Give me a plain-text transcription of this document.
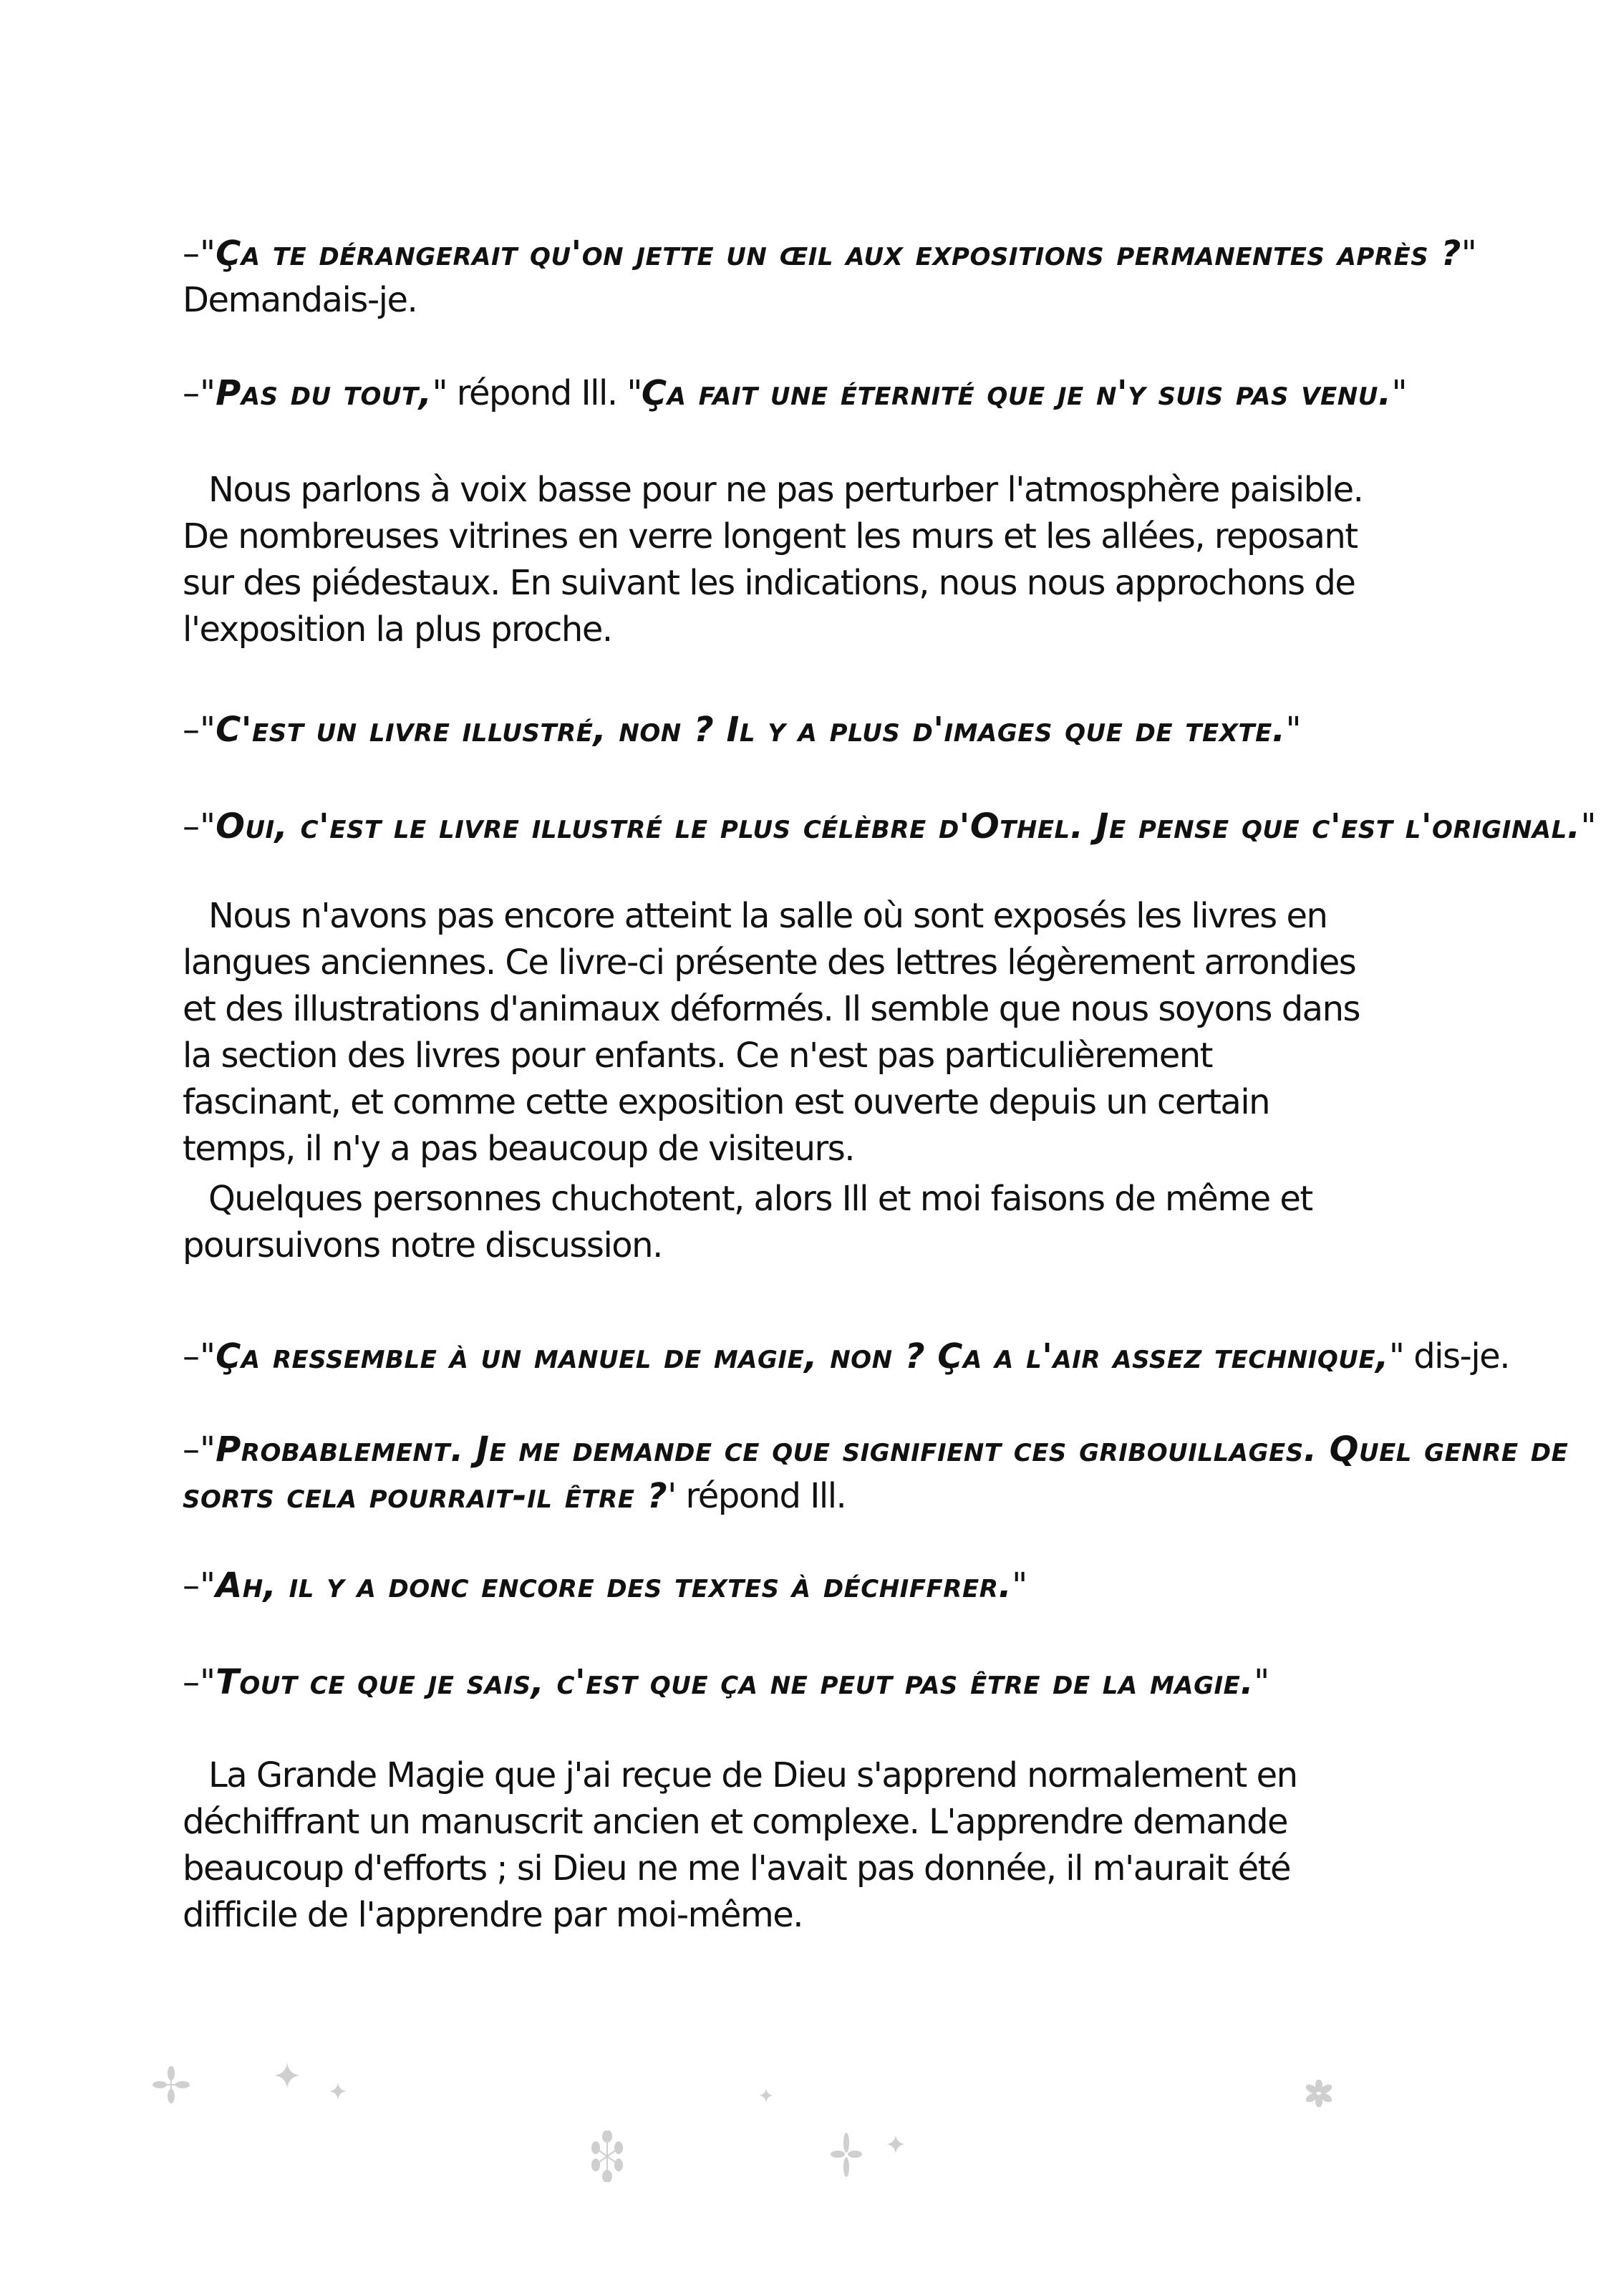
–"Ça te dérangerait qu'on jette un œil aux expositions permanentes après ?"
Demandais-je.
–"Pas du tout," répond Ill. "Ça fait une éternité que je n'y suis pas venu."
Nous parlons à voix basse pour ne pas perturber l'atmosphère paisible.
De nombreuses vitrines en verre longent les murs et les allées, reposant
sur des piédestaux. En suivant les indications, nous nous approchons de
l'exposition la plus proche.
–"C'est un livre illustré, non ? Il y a plus d'images que de texte."
–"Oui, c'est le livre illustré le plus célèbre d'Othel. Je pense que c'est l'original."
Nous n'avons pas encore atteint la salle où sont exposés les livres en
langues anciennes. Ce livre-ci présente des lettres légèrement arrondies
et des illustrations d'animaux déformés. Il semble que nous soyons dans
la section des livres pour enfants. Ce n'est pas particulièrement
fascinant, et comme cette exposition est ouverte depuis un certain
temps, il n'y a pas beaucoup de visiteurs.
Quelques personnes chuchotent, alors Ill et moi faisons de même et
poursuivons notre discussion.
–"Ça ressemble à un manuel de magie, non ? Ça a l'air assez technique," dis-je.
–"Probablement. Je me demande ce que signifient ces gribouillages. Quel genre de
sorts cela pourrait-il être ?' répond Ill.
–"Ah, il y a donc encore des textes à déchiffrer."
–"Tout ce que je sais, c'est que ça ne peut pas être de la magie."
La Grande Magie que j'ai reçue de Dieu s'apprend normalement en
déchiffrant un manuscrit ancien et complexe. L'apprendre demande
beaucoup d'efforts ; si Dieu ne me l'avait pas donnée, il m'aurait été
difficile de l'apprendre par moi-même.
